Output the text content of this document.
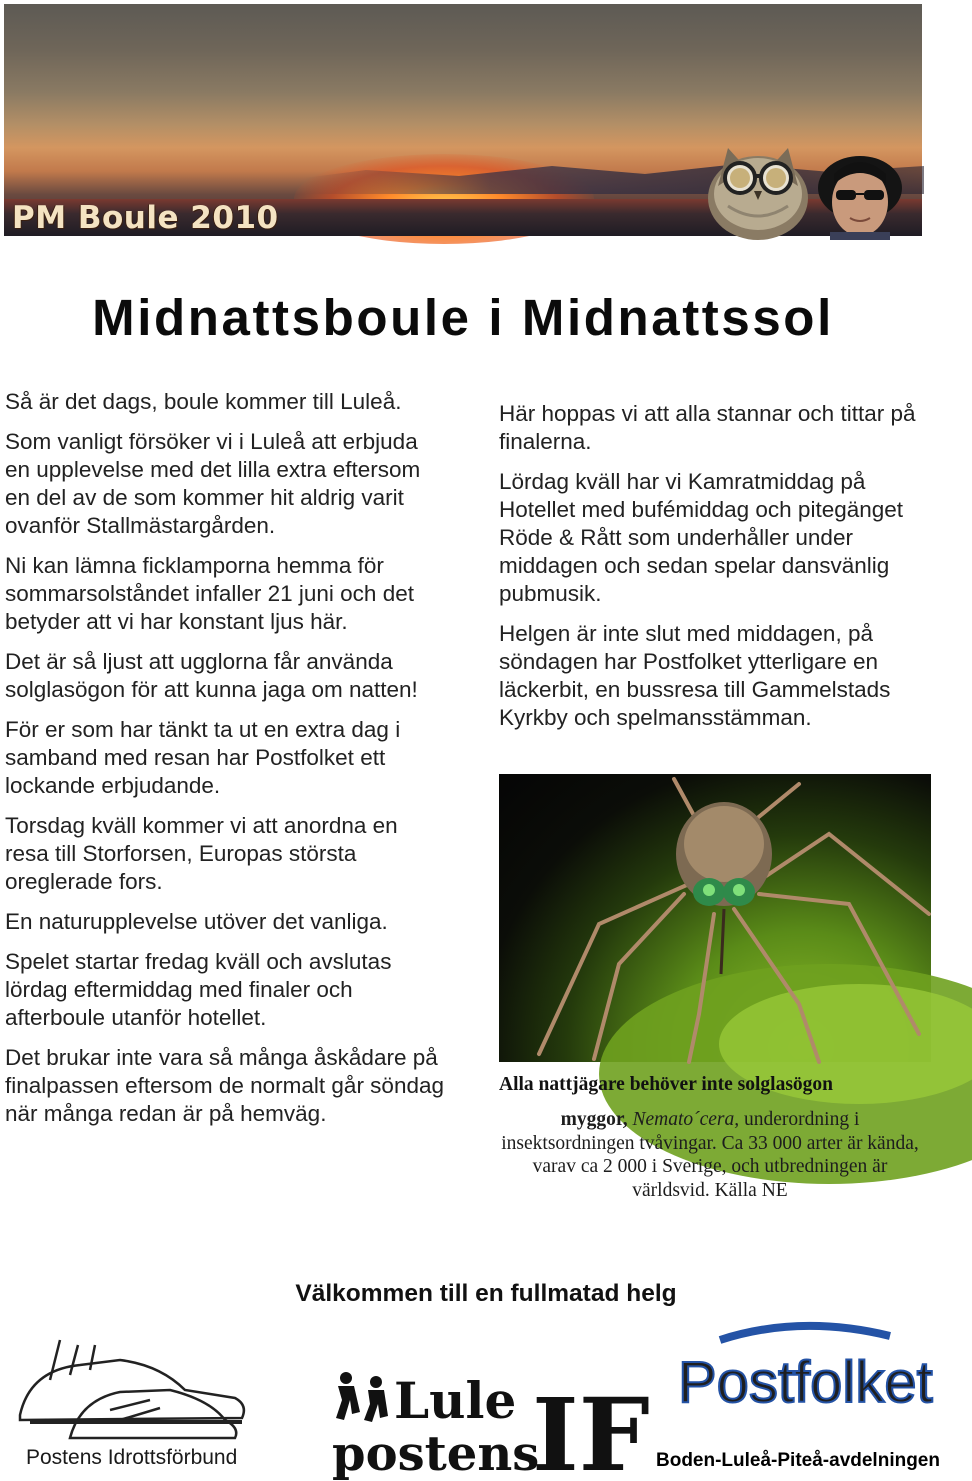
PM Boule 2010
Midnattsboule i Midnattssol

Så är det dags, boule kommer till Luleå.

Som vanligt försöker vi i Luleå att erbjuda en upplevelse med det lilla extra eftersom en del av de som kommer hit aldrig varit ovanför Stallmästargården.

Ni kan lämna ficklamporna hemma för sommarsolståndet infaller 21 juni och det betyder att vi har konstant ljus här.

Det är så ljust att ugglorna får använda solglasögon för att kunna jaga om natten!

För er som har tänkt ta ut en extra dag i samband med resan har Postfolket ett lockande erbjudande.

Torsdag kväll kommer vi att anordna en resa till Storforsen, Europas största oreglerade fors.

En naturupplevelse utöver det vanliga.

Spelet startar fredag kväll och avslutas lördag eftermiddag med finaler och afterboule utanför hotellet.

Det brukar inte vara så många åskådare på finalpassen eftersom de normalt går söndag när många redan är på hemväg.

Här hoppas vi att alla stannar och tittar på finalerna.

Lördag kväll har vi Kamratmiddag på Hotellet med bufémiddag och pitegänget Röde & Rått som underhåller under middagen och sedan spelar dansvänlig pubmusik.

Helgen är inte slut med middagen, på söndagen har Postfolket ytterligare en läckerbit, en bussresa till Gammelstads Kyrkby och spelmansstämman.

Alla nattjägare behöver inte solglasögon
myggor, Nemato´cera, underordning i insektsordningen tvåvingar. Ca 33 000 arter är kända, varav ca 2 000 i Sverige, och utbredningen är världsvid. Källa NE
Välkommen till en fullmatad helg
Postens Idrottsförbund
Lule
postens
IF Postfolket
Boden-Luleå-Piteå-avdelningen
